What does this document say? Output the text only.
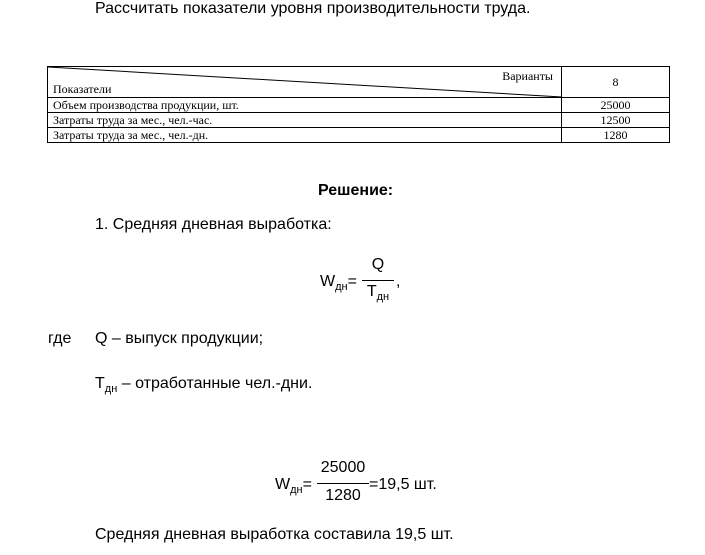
Рассчитать показатели уровня производительности труда.
Варианты
Показатели	8
Объем производства продукции, шт.	25000
Затраты труда за мес., чел.-час.	12500
Затраты труда за мес., чел.-дн.	1280
Решение:
1. Средняя дневная выработка:
$W_{дн}=$
Q
$T_{дн}$
,
где Q – выпуск продукции;
$T_{дн}$ – отработанные чел.-дни.
$W_{дн}=$
25000
1280
=19,5 шт.
Средняя дневная выработка составила 19,5 шт.
